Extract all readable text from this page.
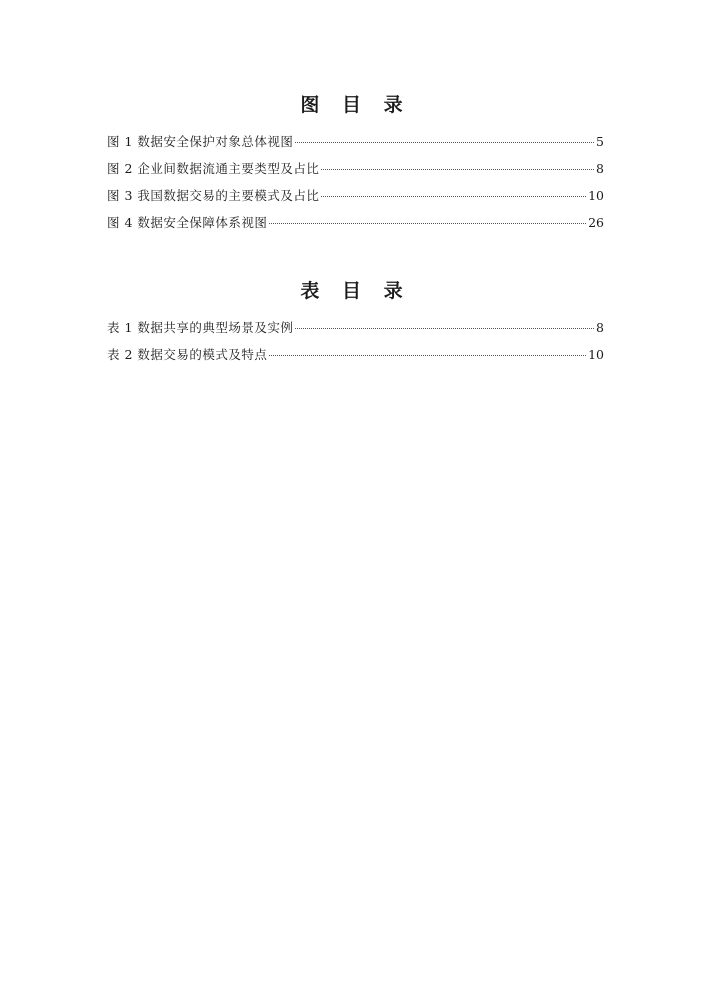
图 目 录
图 1 数据安全保护对象总体视图	5
图 2 企业间数据流通主要类型及占比	8
图 3 我国数据交易的主要模式及占比	10
图 4 数据安全保障体系视图	26
表 目 录
表 1 数据共享的典型场景及实例	8
表 2 数据交易的模式及特点	10
